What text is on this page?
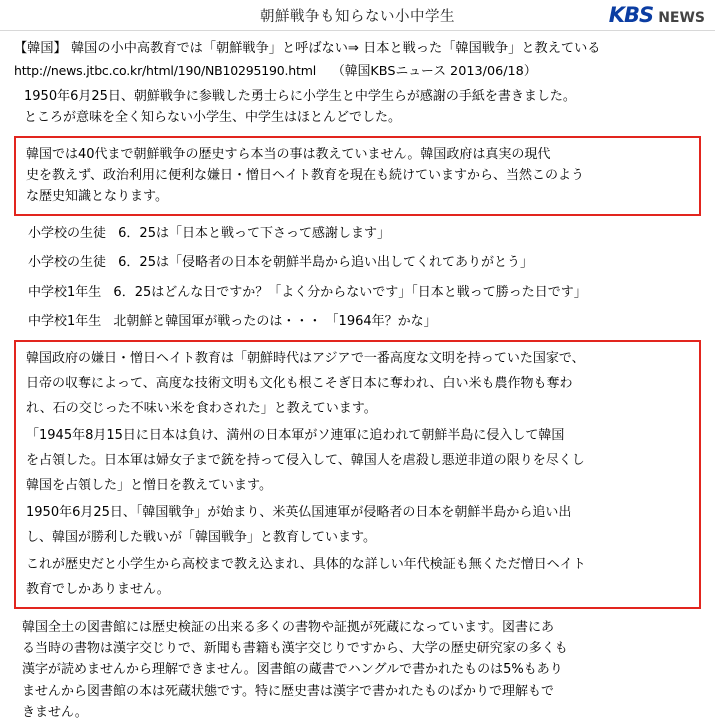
朝鮮戦争も知らない小中学生	KBS NEWS
【韓国】 韓国の小中高教育では「朝鮮戦争」と呼ばない⇒ 日本と戦った「韓国戦争」と教えている
http://news.jtbc.co.kr/html/190/NB10295190.html （韓国KBSニュース 2013/06/18）
1950年6月25日、朝鮮戦争に参戦した勇士らに小学生と中学生らが感謝の手紙を書きました。
ところが意味を全く知らない小学生、中学生はほとんどでした。

韓国では40代まで朝鮮戦争の歴史すら本当の事は教えていません。韓国政府は真実の現代

史を教えず、政治利用に便利な嫌日・憎日ヘイト教育を現在も続けていますから、当然このよう

な歴史知識となります。

小学校の生徒 6．25は「日本と戦って下さって感謝します」
小学校の生徒 6．25は「侵略者の日本を朝鮮半島から追い出してくれてありがとう」
中学校1年生 6．25はどんな日ですか？「よく分からないです」「日本と戦って勝った日です」
中学校1年生 北朝鮮と韓国軍が戦ったのは・・・ 「1964年？かな」

韓国政府の嫌日・憎日ヘイト教育は「朝鮮時代はアジアで一番高度な文明を持っていた国家で、

日帝の収奪によって、高度な技術文明も文化も根こそぎ日本に奪われ、白い米も農作物も奪わ

れ、石の交じった不味い米を食わされた」と教えています。

「1945年8月15日に日本は負け、満州の日本軍がソ連軍に追われて朝鮮半島に侵入して韓国

を占領した。日本軍は婦女子まで銃を持って侵入して、韓国人を虐殺し悪逆非道の限りを尽くし

韓国を占領した」と憎日を教えています。

1950年6月25日、「韓国戦争」が始まり、米英仏国連軍が侵略者の日本を朝鮮半島から追い出

し、韓国が勝利した戦いが「韓国戦争」と教育しています。

これが歴史だと小学生から高校まで教え込まれ、具体的な詳しい年代検証も無くただ憎日ヘイト

教育でしかありません。

韓国全土の図書館には歴史検証の出来る多くの書物や証拠が死蔵になっています。図書にあ

る当時の書物は漢字交じりで、新聞も書籍も漢字交じりですから、大学の歴史研究家の多くも

漢字が読めませんから理解できません。図書館の蔵書でハングルで書かれたものは5%もあり

ませんから図書館の本は死蔵状態です。特に歴史書は漢字で書かれたものばかりで理解もで

きません。
